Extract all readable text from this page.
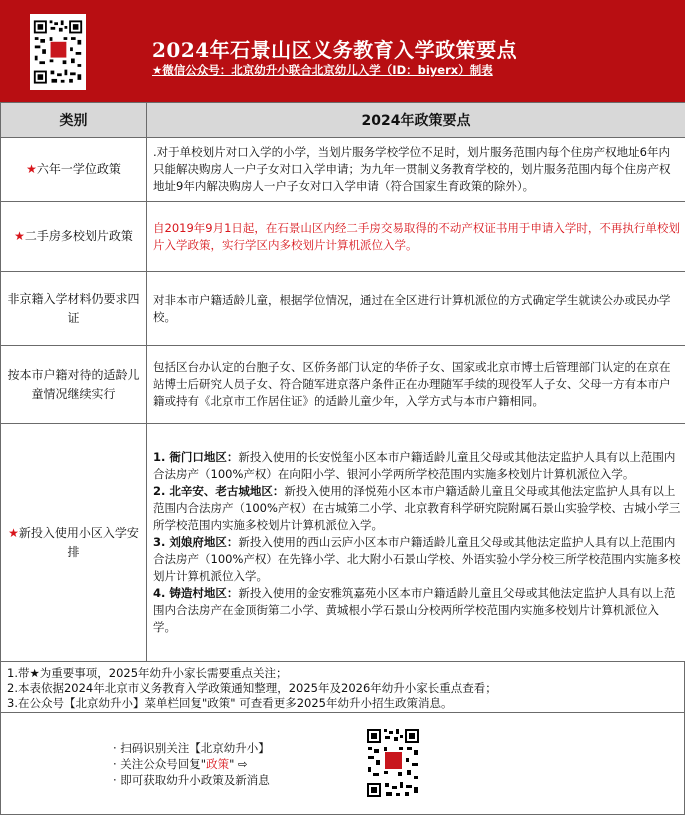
2024年石景山区义务教育入学政策要点
★微信公众号：北京幼升小联合北京幼儿入学（ID：biyerx）制表
类别	2024年政策要点
★六年一学位政策	.对于单校划片对口入学的小学，当划片服务学校学位不足时，划片服务范围内每个住房产权地址6年内只能解决购房人一户子女对口入学申请；为九年一贯制义务教育学校的，划片服务范围内每个住房产权地址9年内解决购房人一户子女对口入学申请（符合国家生育政策的除外）。
★二手房多校划片政策	自2019年9月1日起，在石景山区内经二手房交易取得的不动产权证书用于申请入学时，不再执行单校划片入学政策，实行学区内多校划片计算机派位入学。
非京籍入学材料仍要求四证	对非本市户籍适龄儿童，根据学位情况，通过在全区进行计算机派位的方式确定学生就读公办或民办学校。
按本市户籍对待的适龄儿童情况继续实行	包括区台办认定的台胞子女、区侨务部门认定的华侨子女、国家或北京市博士后管理部门认定的在京在站博士后研究人员子女、符合随军进京落户条件正在办理随军手续的现役军人子女、父母一方有本市户籍或持有《北京市工作居住证》的适龄儿童少年，入学方式与本市户籍相同。
★新投入使用小区入学安排	1. 衙门口地区：新投入使用的长安悦玺小区本市户籍适龄儿童且父母或其他法定监护人具有以上范围内合法房产（100%产权）在向阳小学、银河小学两所学校范围内实施多校划片计算机派位入学。
2. 北辛安、老古城地区：新投入使用的泽悦苑小区本市户籍适龄儿童且父母或其他法定监护人具有以上范围内合法房产（100%产权）在古城第二小学、北京教育科学研究院附属石景山实验学校、古城小学三所学校范围内实施多校划片计算机派位入学。
3. 刘娘府地区：新投入使用的西山云庐小区本市户籍适龄儿童且父母或其他法定监护人具有以上范围内合法房产（100%产权）在先锋小学、北大附小石景山学校、外语实验小学分校三所学校范围内实施多校划片计算机派位入学。
4. 铸造村地区：新投入使用的金安雅筑嘉苑小区本市户籍适龄儿童且父母或其他法定监护人具有以上范围内合法房产在金顶街第二小学、黄城根小学石景山分校两所学校范围内实施多校划片计算机派位入学。
1.带★为重要事项，2025年幼升小家长需要重点关注；
2.本表依据2024年北京市义务教育入学政策通知整理，2025年及2026年幼升小家长重点查看；
3.在公众号【北京幼升小】菜单栏回复"政策" 可查看更多2025年幼升小招生政策消息。
· 扫码识别关注【北京幼升小】
· 关注公众号回复"政策" ⇨
· 即可获取幼升小政策及新消息
